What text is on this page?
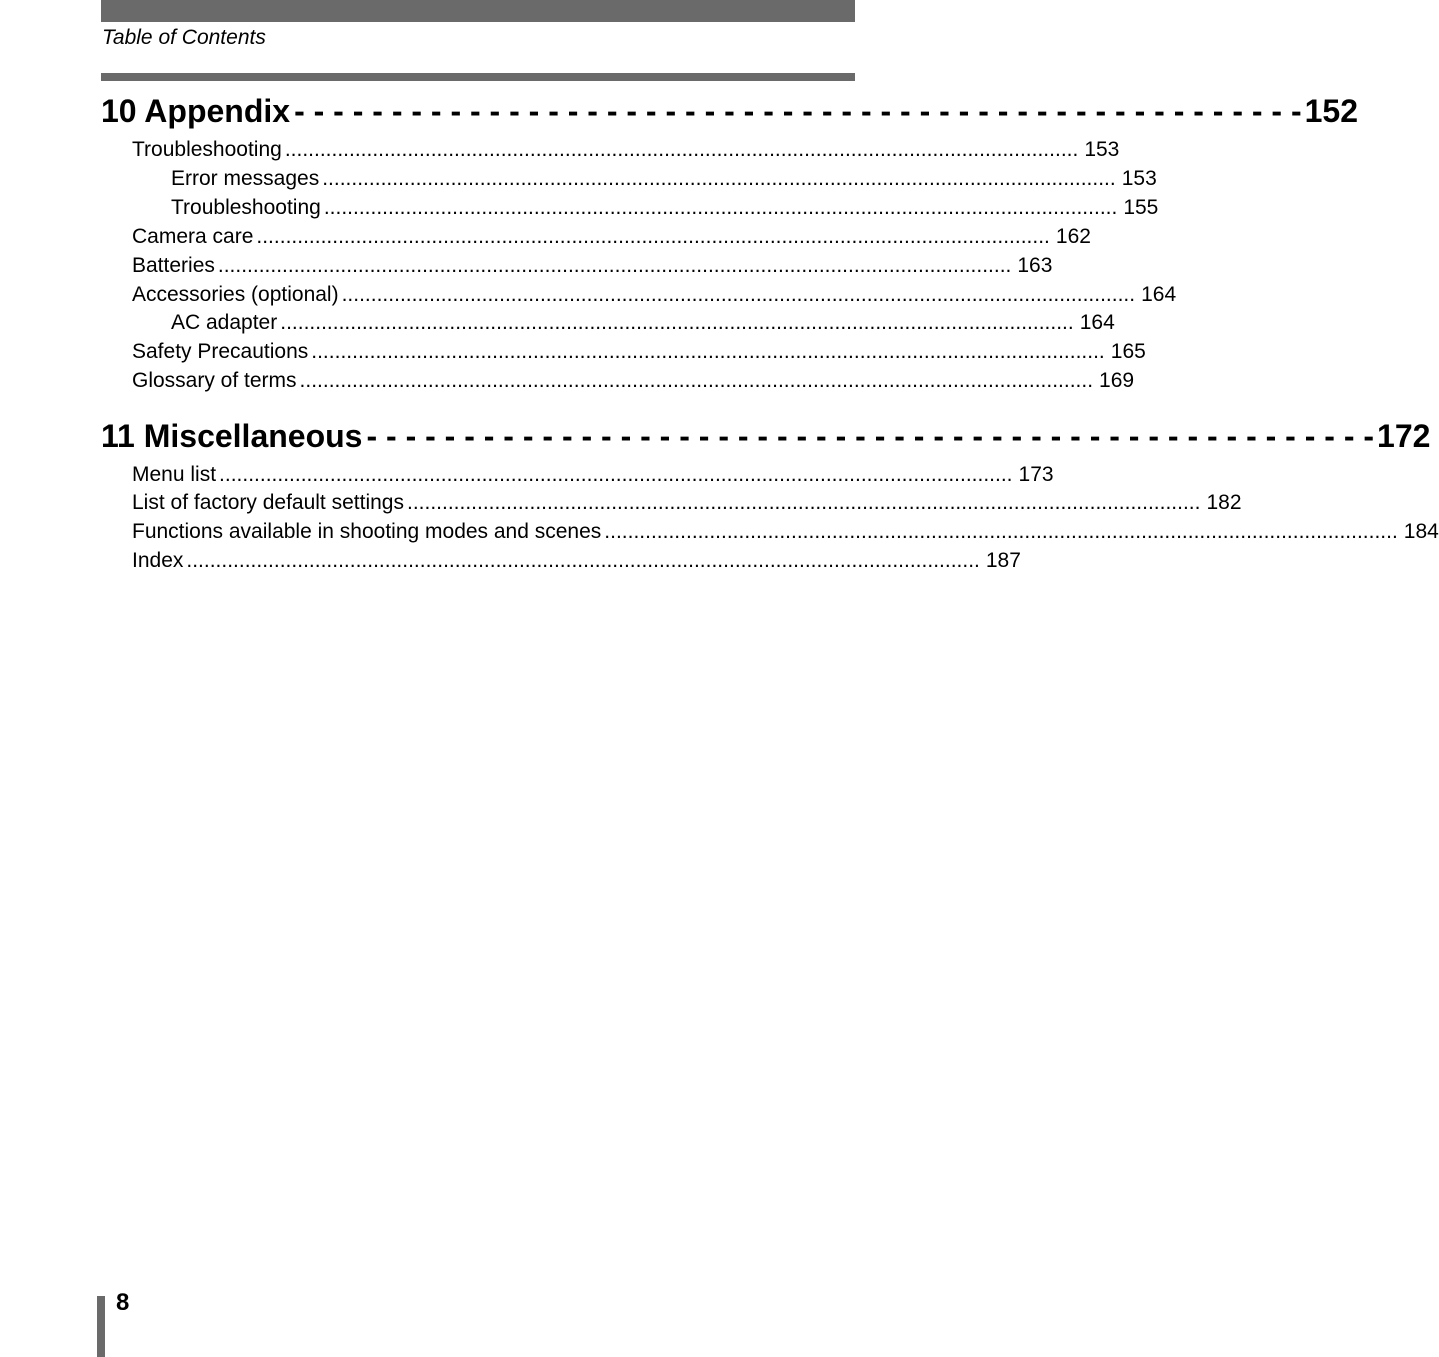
Table of Contents
10 Appendix - - - - - - - - - - - - - - - - - - - - - - - - - - - - - - - - - - - - - - - - - - - - - - - - - - - - 152
Troubleshooting ........................................................................................................................................ 153
Error messages ........................................................................................................................................ 153
Troubleshooting ........................................................................................................................................ 155
Camera care ........................................................................................................................................ 162
Batteries ........................................................................................................................................ 163
Accessories (optional) ........................................................................................................................................ 164
AC adapter ........................................................................................................................................ 164
Safety Precautions ........................................................................................................................................ 165
Glossary of terms ........................................................................................................................................ 169
11 Miscellaneous - - - - - - - - - - - - - - - - - - - - - - - - - - - - - - - - - - - - - - - - - - - - - - - - - - - - 172
Menu list ........................................................................................................................................ 173
List of factory default settings ........................................................................................................................................ 182
Functions available in shooting modes and scenes ........................................................................................................................................ 184
Index ........................................................................................................................................ 187
8
